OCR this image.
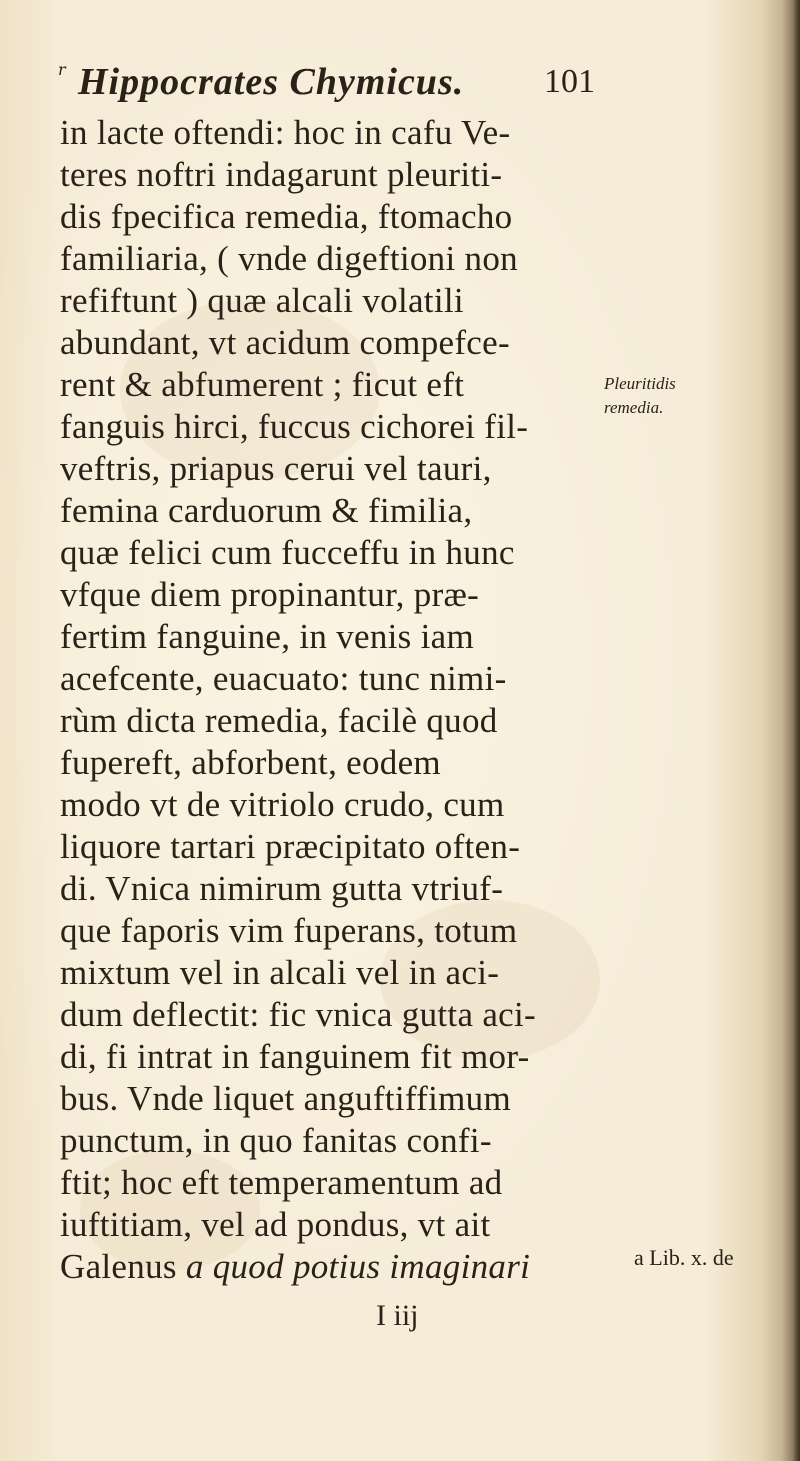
r Hippocrates Chymicus. 101
in lacte oftendi: hoc in cafu Ve-
teres noftri indagarunt pleuriti-
dis fpecifica remedia, ftomacho
familiaria, ( vnde digeftioni non
refiftunt ) quæ alcali volatili
abundant, vt acidum compefce-
rent & abfumerent ; ficut eft
fanguis hirci, fuccus cichorei fil-
veftris, priapus cerui vel tauri,
femina carduorum & fimilia,
quæ felici cum fucceffu in hunc
vfque diem propinantur, præ-
fertim fanguine, in venis iam
acefcente, euacuato: tunc nimi-
rùm dicta remedia, facilè quod
fupereft, abforbent, eodem
modo vt de vitriolo crudo, cum
liquore tartari præcipitato often-
di. Vnica nimirum gutta vtriuf-
que faporis vim fuperans, totum
mixtum vel in alcali vel in aci-
dum deflectit: fic vnica gutta aci-
di, fi intrat in fanguinem fit mor-
bus. Vnde liquet anguftiffimum
punctum, in quo fanitas confi-
ftit; hoc eft temperamentum ad
iuftitiam, vel ad pondus, vt ait
Galenus a quod potius imaginari
Pleuritidis
remedia.
a Lib. x. de
I iij
